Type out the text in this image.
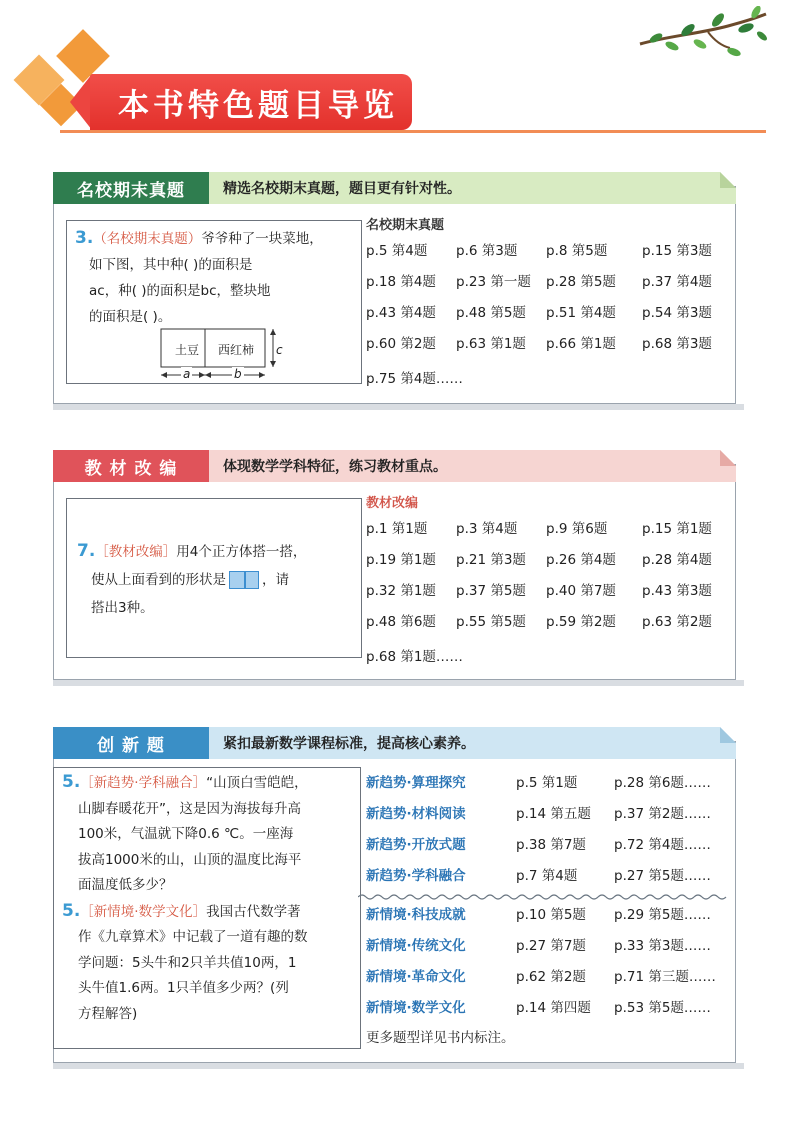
本书特色题目导览
名校期末真题	精选名校期末真题，题目更有针对性。
3.（名校期末真题）爷爷种了一块菜地，
如下图，其中种( )的面积是
ac，种( )的面积是bc，整块地
的面积是( )。
土豆 西红柿 c
a	b
名校期末真题
p.5 第4题	p.6 第3题	p.8 第5题	p.15 第3题
p.18 第4题	p.23 第一题	p.28 第5题	p.37 第4题
p.43 第4题	p.48 第5题	p.51 第4题	p.54 第3题
p.60 第2题	p.63 第1题	p.66 第1题	p.68 第3题
p.75 第4题……
教 材 改 编	体现数学学科特征，练习教材重点。
7.［教材改编］用4个正方体搭一搭，
使从上面看到的形状是	，请
搭出3种。
教材改编
p.1 第1题	p.3 第4题	p.9 第6题	p.15 第1题
p.19 第1题	p.21 第3题	p.26 第4题	p.28 第4题
p.32 第1题	p.37 第5题	p.40 第7题	p.43 第3题
p.48 第6题	p.55 第5题	p.59 第2题	p.63 第2题
p.68 第1题……
创 新 题	紧扣最新数学课程标准，提高核心素养。
5.［新趋势·学科融合］“山顶白雪皑皑，
山脚春暖花开”，这是因为海拔每升高
100米，气温就下降0.6 ℃。一座海
拔高1000米的山，山顶的温度比海平
面温度低多少？
5.［新情境·数学文化］我国古代数学著
作《九章算术》中记载了一道有趣的数
学问题：5头牛和2只羊共值10两，1
头牛值1.6两。1只羊值多少两？(列
方程解答)
新趋势·算理探究	p.5 第1题	p.28 第6题……
新趋势·材料阅读	p.14 第五题 p.37 第2题……
新趋势·开放式题	p.38 第7题 p.72 第4题……
新趋势·学科融合	p.7 第4题	p.27 第5题……
新情境·科技成就	p.10 第5题 p.29 第5题……
新情境·传统文化	p.27 第7题 p.33 第3题……
新情境·革命文化	p.62 第2题 p.71 第三题……
新情境·数学文化	p.14 第四题 p.53 第5题……
更多题型详见书内标注。
